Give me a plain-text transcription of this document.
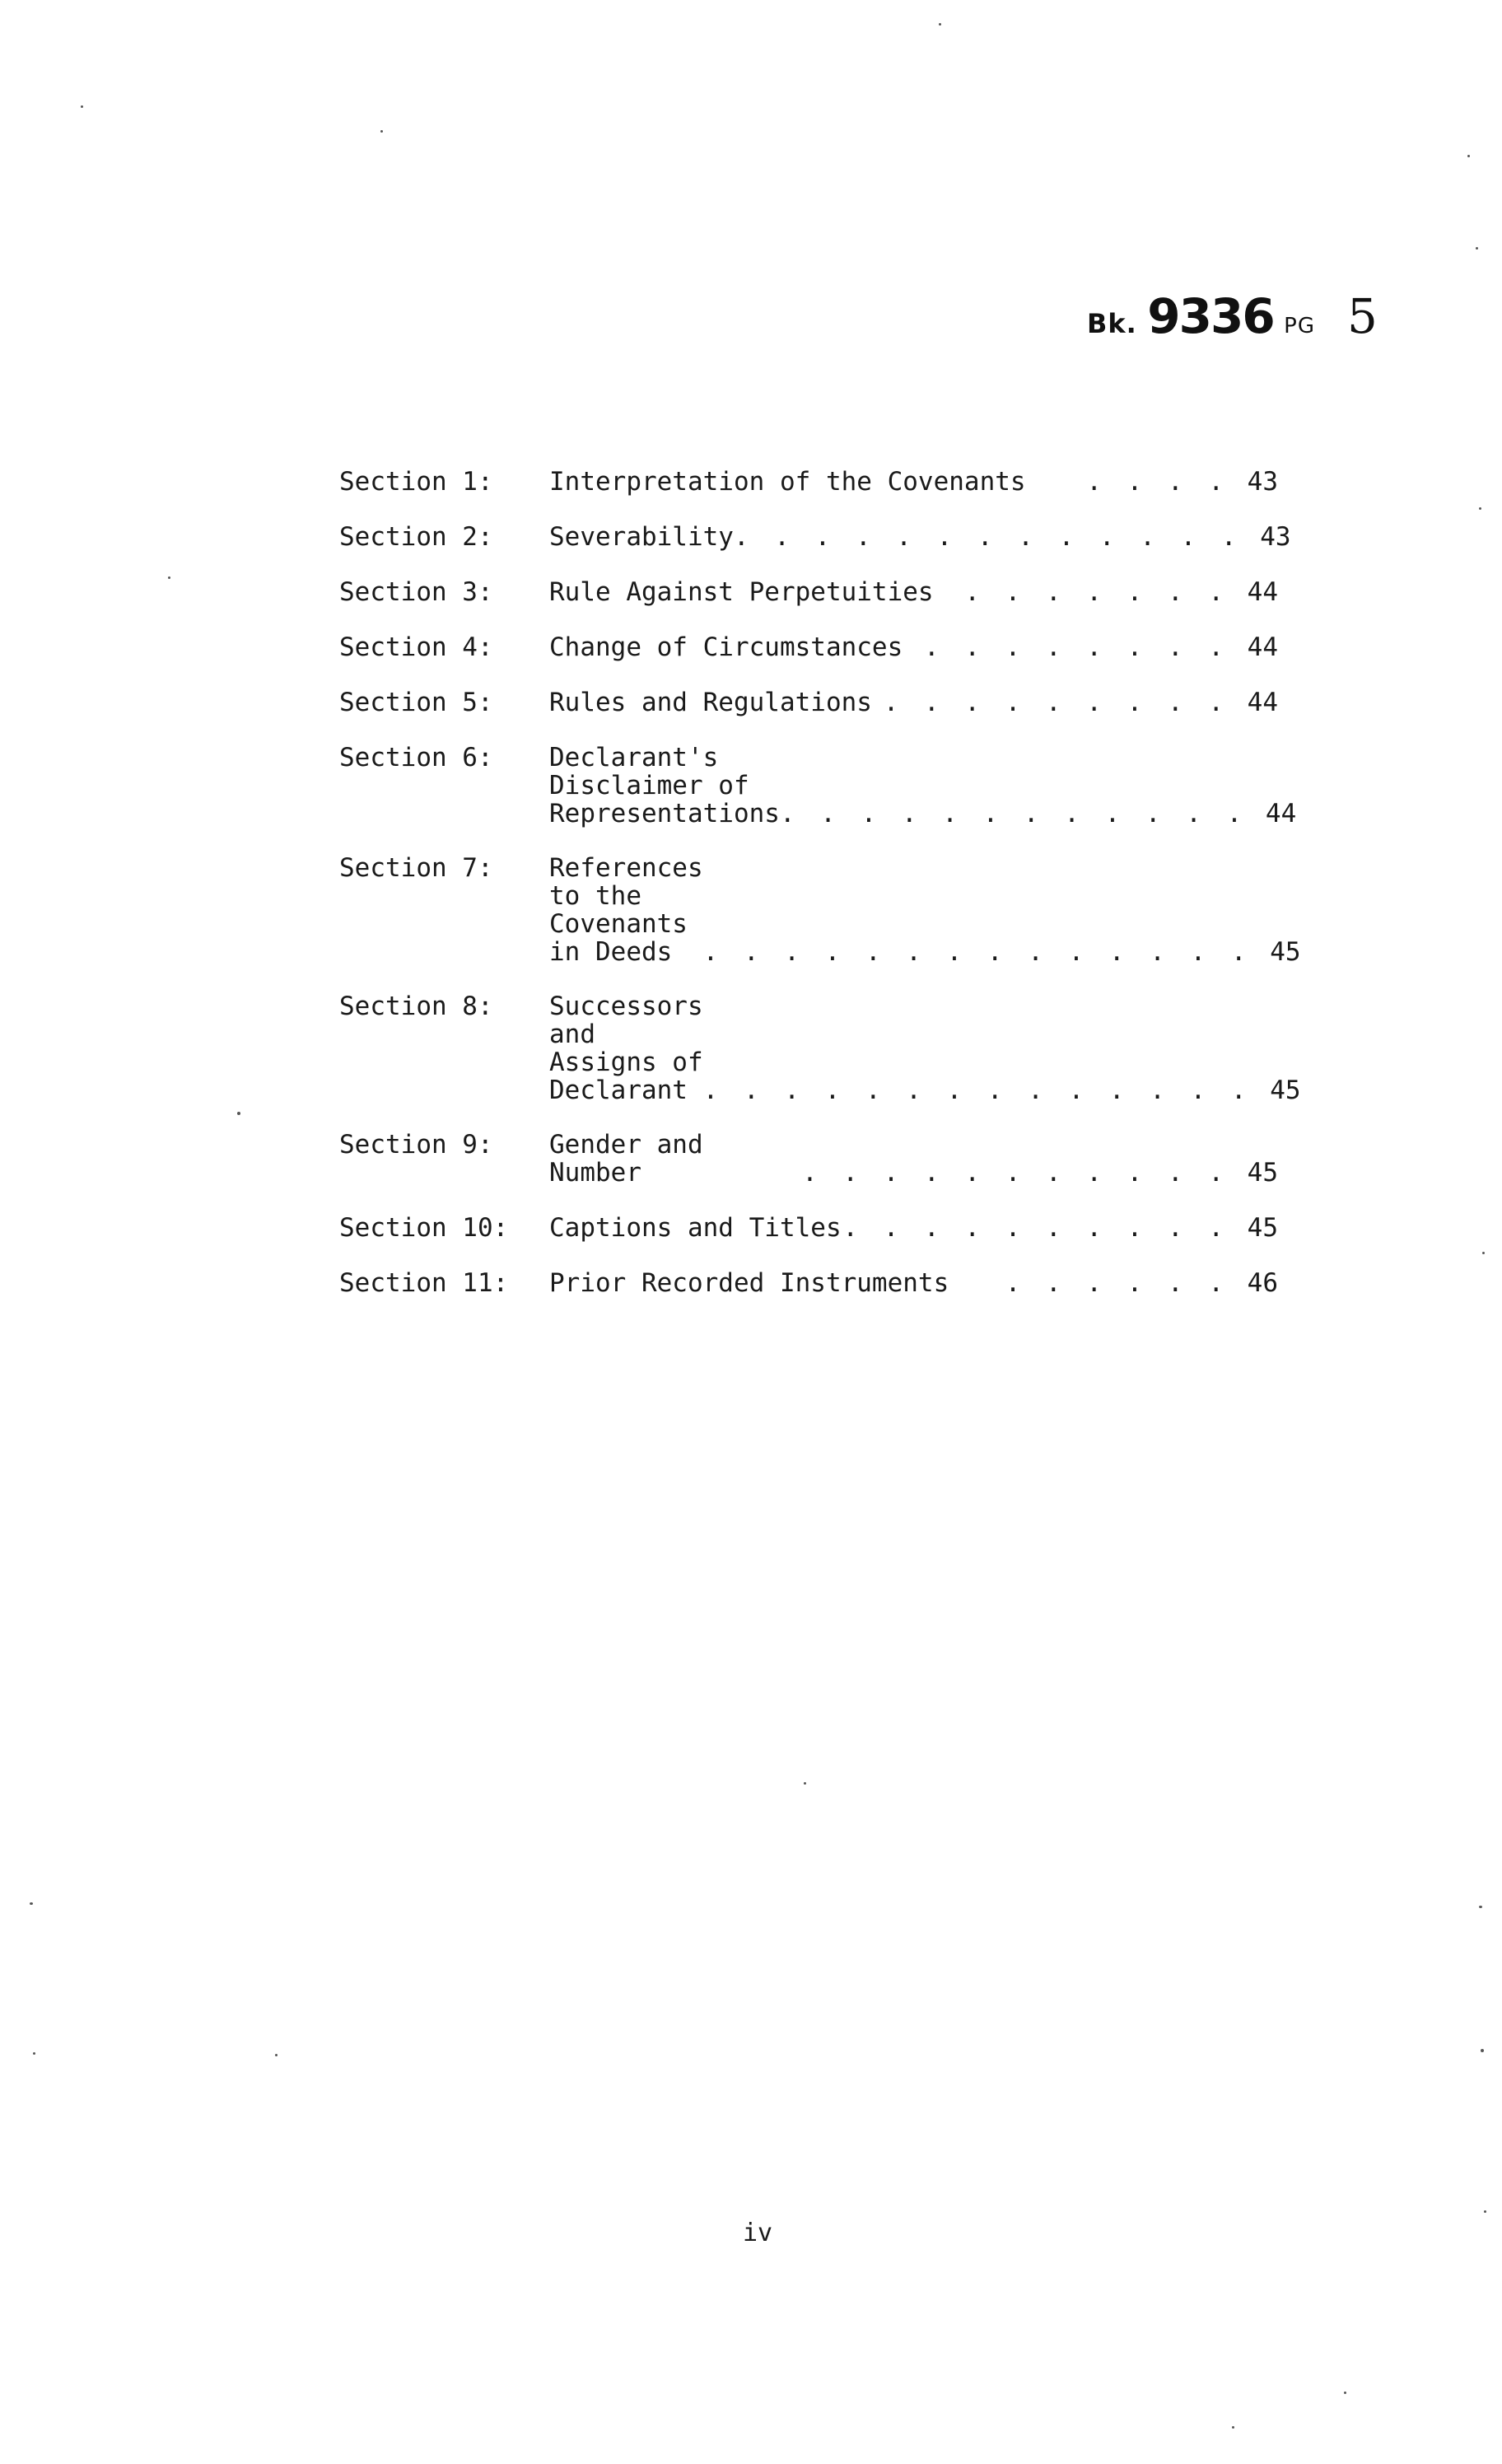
Bk. 9336 PG 5
Section 1:	Interpretation of the Covenants	. . . . 43
Section 2:	Severability . . . . . . . . . . . . . 43
Section 3:	Rule Against Perpetuities	. . . . . . . 44
Section 4:	Change of Circumstances . . . . . . . . 44
Section 5:	Rules and Regulations . . . . . . . . . 44
Section 6:	Declarant's Disclaimer of
Representations . . . . . . . . . . . . 44
Section 7:	References to the Covenants
in Deeds	. . . . . . . . . . . . . . 45
Section 8:	Successors and Assigns of
Declarant . . . . . . . . . . . . . . 45
Section 9:	Gender and Number	. . . . . . . . . . . 45
Section 10:	Captions and Titles . . . . . . . . . . 45
Section 11:	Prior Recorded Instruments	. . . . . . 46
iv
